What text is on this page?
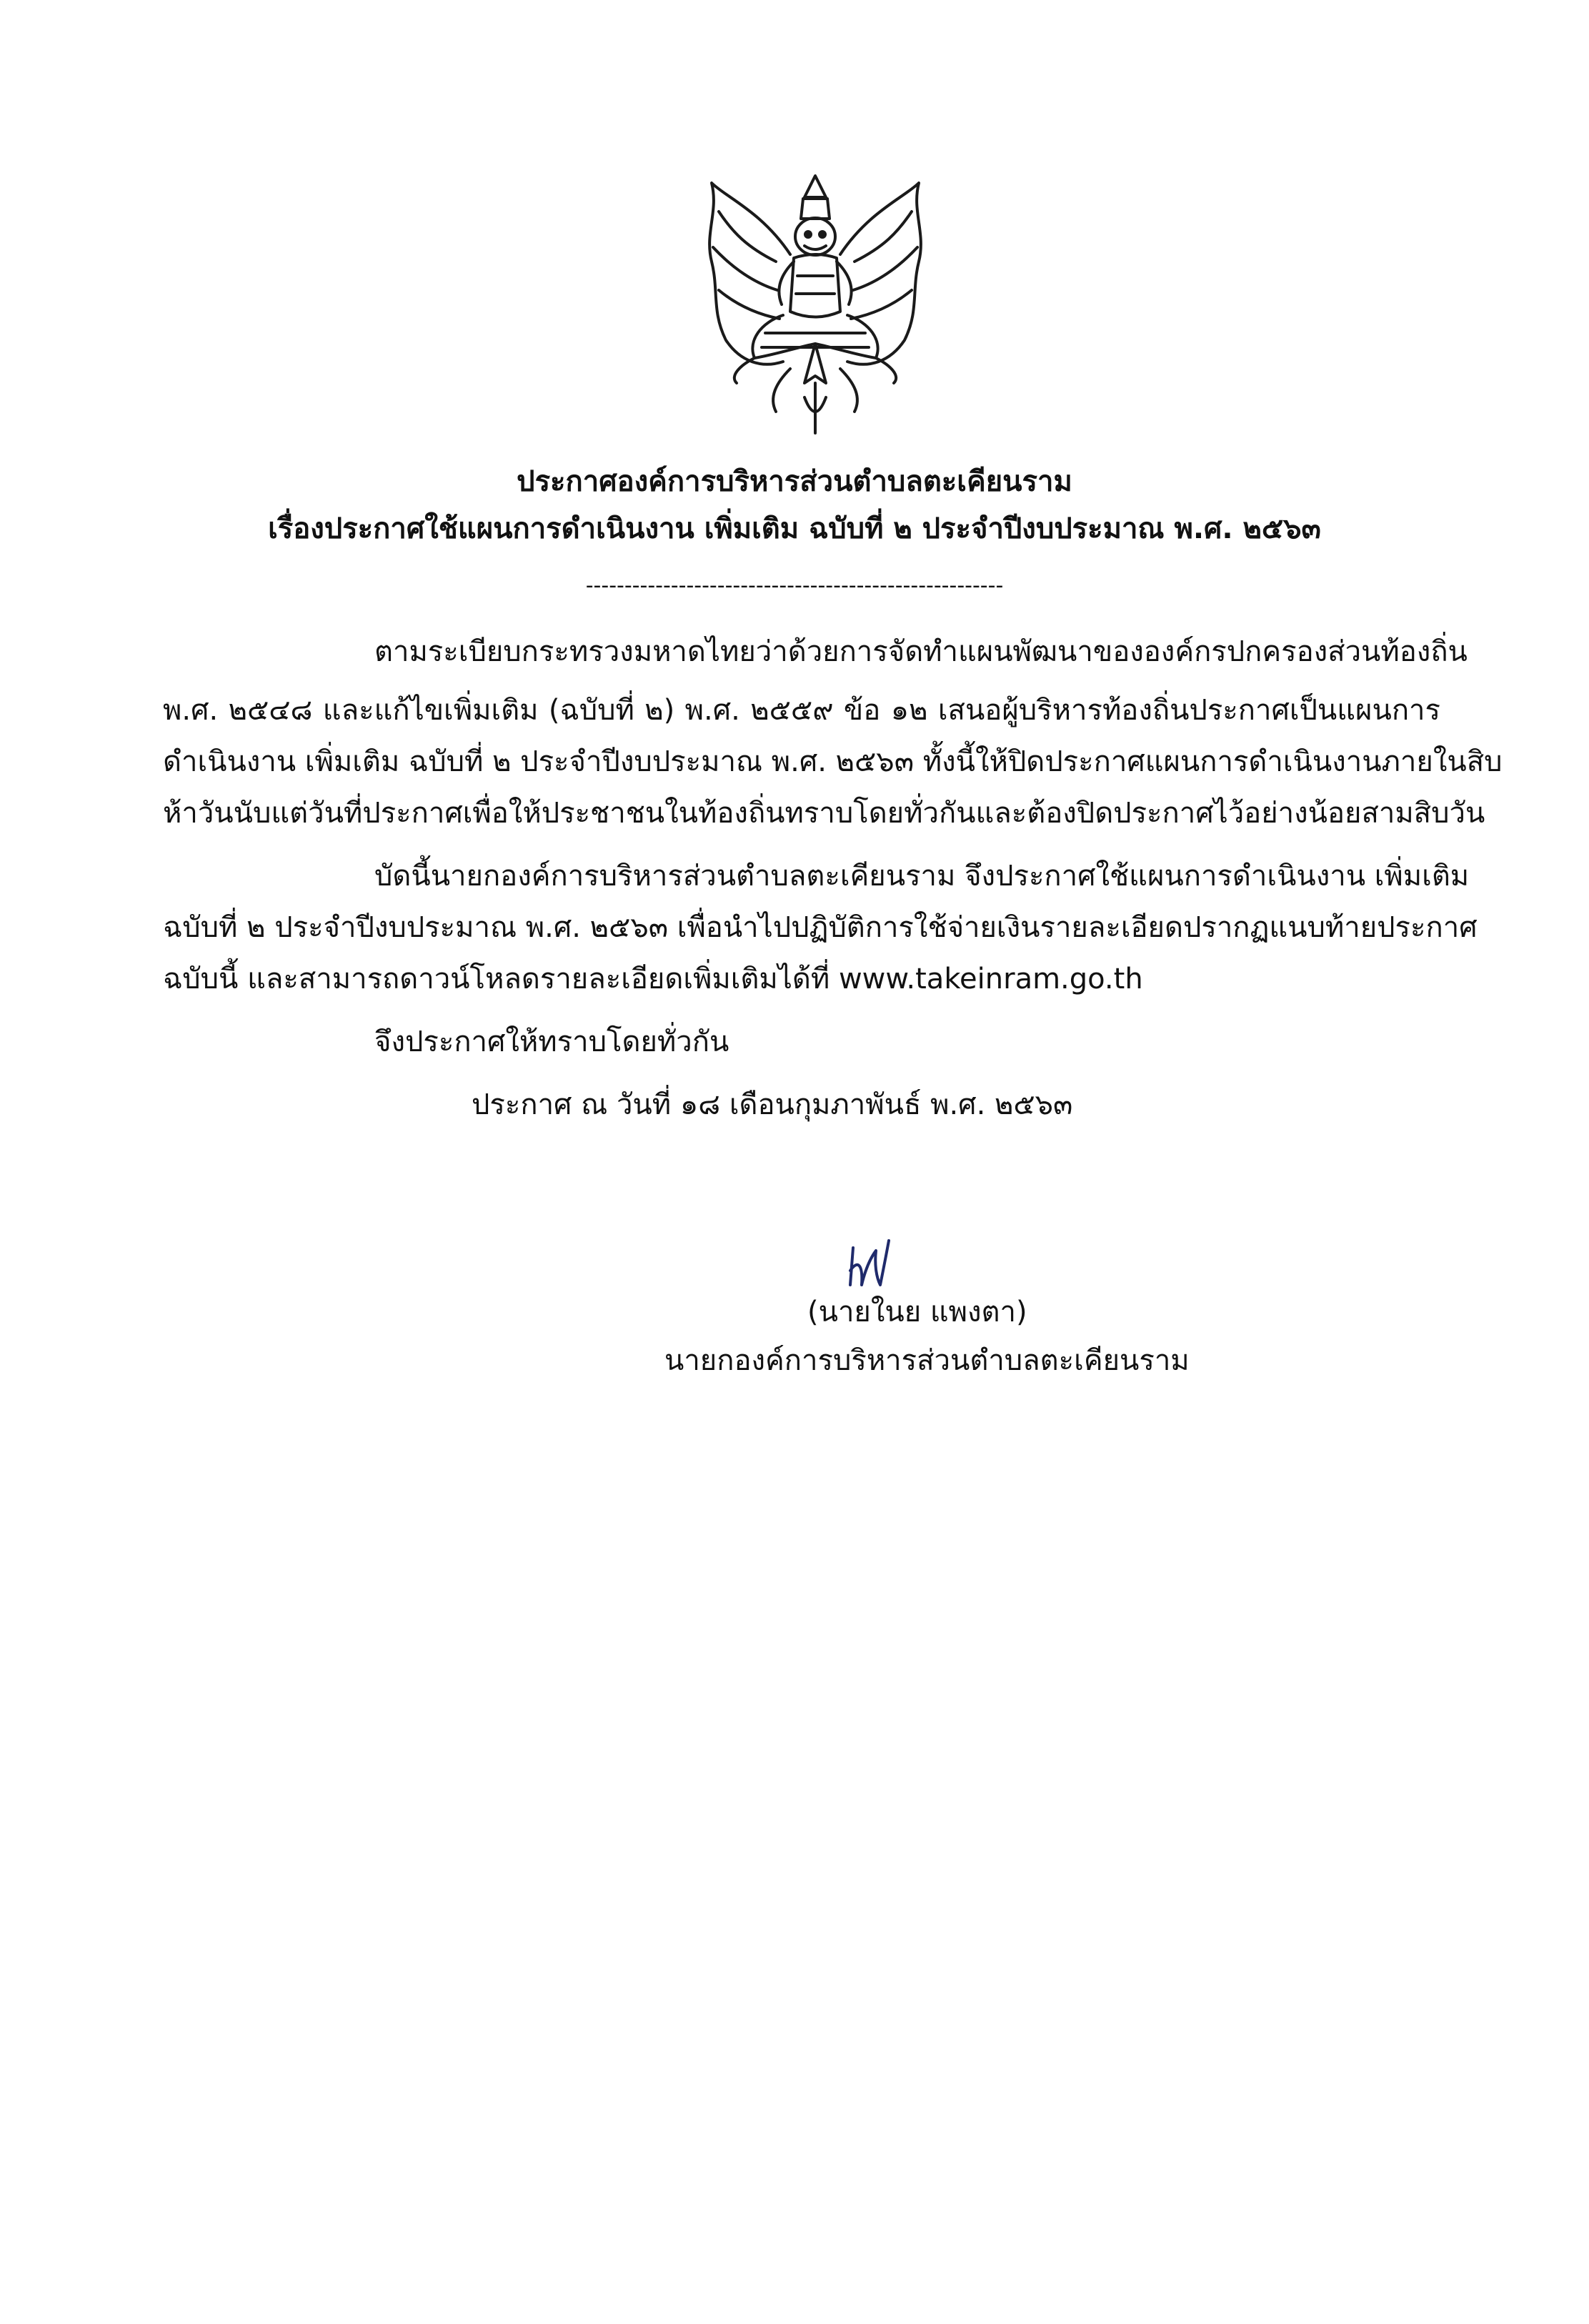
ประกาศองค์การบริหารส่วนตำบลตะเคียนราม
เรื่องประกาศใช้แผนการดำเนินงาน เพิ่มเติม ฉบับที่ ๒ ประจำปีงบประมาณ พ.ศ. ๒๕๖๓
------------------------------------------------------
ตามระเบียบกระทรวงมหาดไทยว่าด้วยการจัดทำแผนพัฒนาขององค์กรปกครองส่วนท้องถิ่น
พ.ศ. ๒๕๔๘ และแก้ไขเพิ่มเติม (ฉบับที่ ๒) พ.ศ. ๒๕๕๙ ข้อ ๑๒ เสนอผู้บริหารท้องถิ่นประกาศเป็นแผนการ
ดำเนินงาน เพิ่มเติม ฉบับที่ ๒ ประจำปีงบประมาณ พ.ศ. ๒๕๖๓ ทั้งนี้ให้ปิดประกาศแผนการดำเนินงานภายในสิบ
ห้าวันนับแต่วันที่ประกาศเพื่อให้ประชาชนในท้องถิ่นทราบโดยทั่วกันและต้องปิดประกาศไว้อย่างน้อยสามสิบวัน
บัดนี้นายกองค์การบริหารส่วนตำบลตะเคียนราม จึงประกาศใช้แผนการดำเนินงาน เพิ่มเติม
ฉบับที่ ๒ ประจำปีงบประมาณ พ.ศ. ๒๕๖๓ เพื่อนำไปปฏิบัติการใช้จ่ายเงินรายละเอียดปรากฏแนบท้ายประกาศ
ฉบับนี้ และสามารถดาวน์โหลดรายละเอียดเพิ่มเติมได้ที่ www.takeinram.go.th
จึงประกาศให้ทราบโดยทั่วกัน
ประกาศ ณ วันที่ ๑๘ เดือนกุมภาพันธ์ พ.ศ. ๒๕๖๓
(นายใน​ย แพงตา)
นายกองค์การบริหารส่วนตำบลตะเคียนราม
